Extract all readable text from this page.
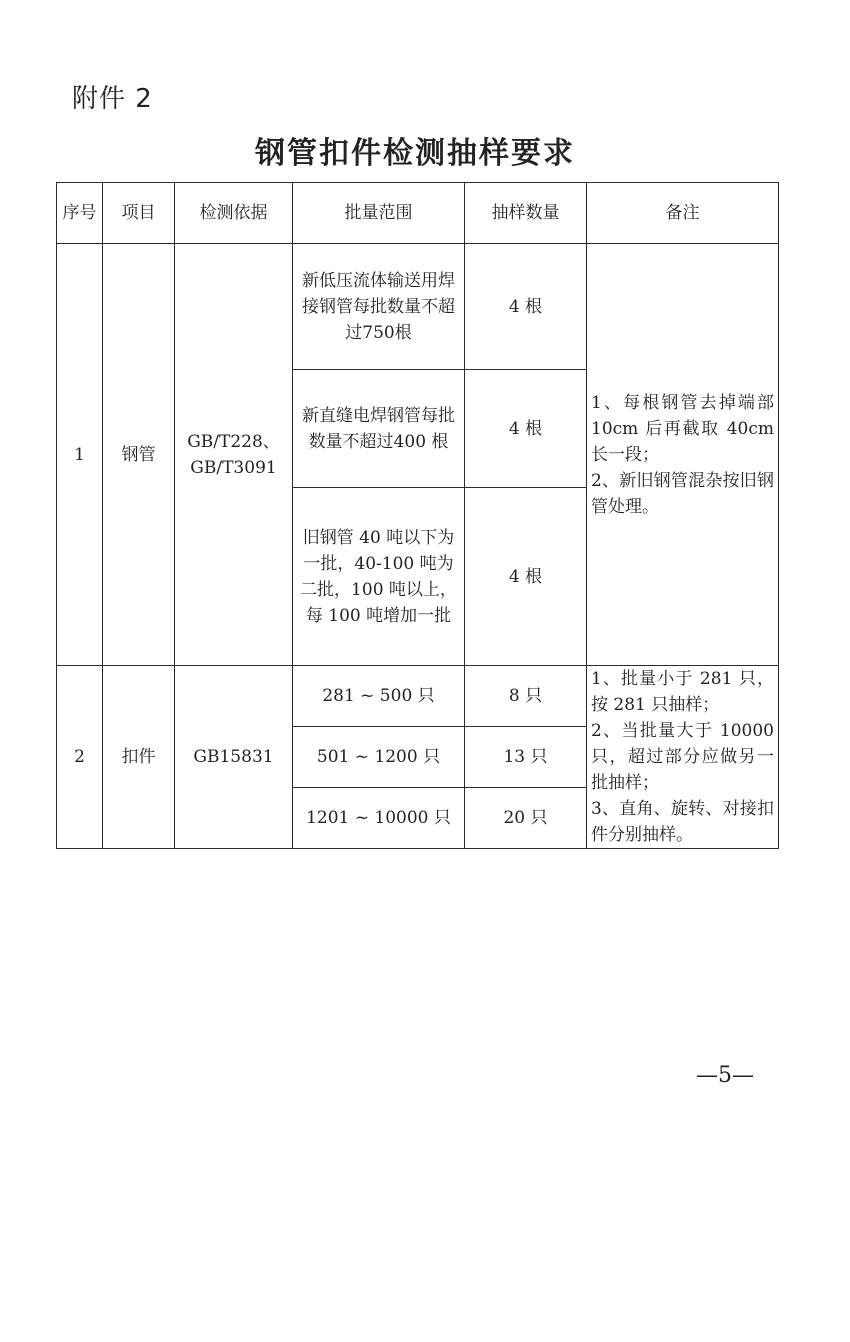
附件 2
钢管扣件检测抽样要求
序号	项目	检测依据	批量范围	抽样数量	备注
1	钢管	GB/T228、GB/T3091	新低压流体输送用焊接钢管每批数量不超过750根	4 根	1、每根钢管去掉端部 10cm 后再截取 40cm 长一段；
2、新旧钢管混杂按旧钢管处理。

			新直缝电焊钢管每批数量不超过400 根	4 根	
			旧钢管 40 吨以下为一批，40-100 吨为二批，100 吨以上，每 100 吨增加一批	4 根	
2	扣件	GB15831	281 ~ 500 只	8 只	1、批量小于 281 只，按 281 只抽样；
2、当批量大于 10000 只，超过部分应做另一批抽样；
3、直角、旋转、对接扣件分别抽样。

			501 ~ 1200 只	13 只	
			1201 ~ 10000 只	20 只	
—5—
